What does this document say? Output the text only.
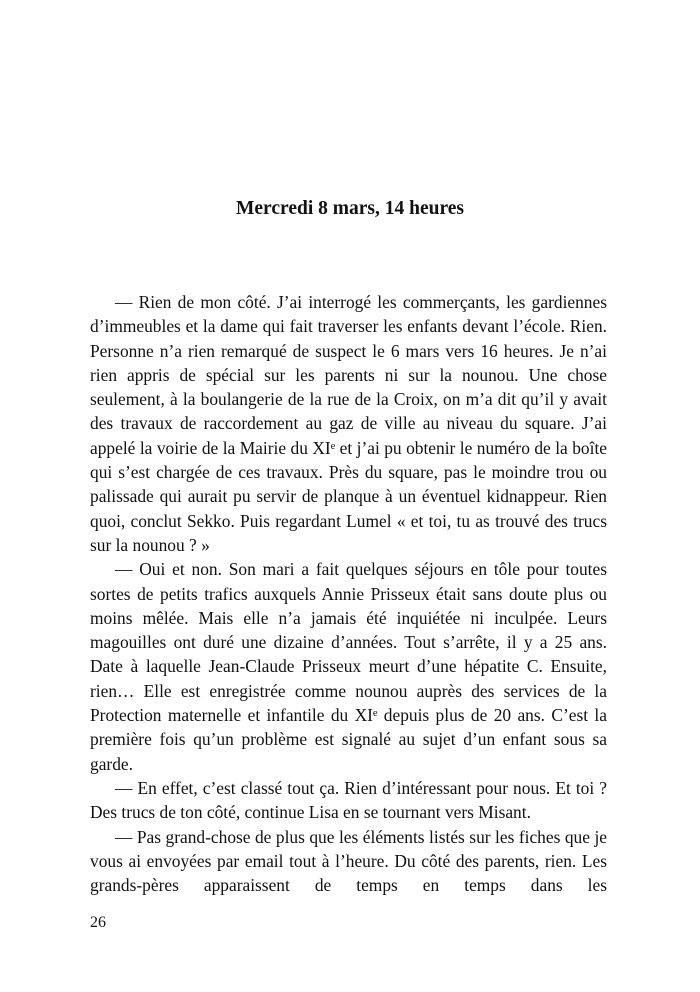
Mercredi 8 mars, 14 heures

— Rien de mon côté. J’ai interrogé les commerçants, les gardiennes d’immeubles et la dame qui fait traverser les enfants devant l’école. Rien. Personne n’a rien remarqué de suspect le 6 mars vers 16 heures. Je n’ai rien appris de spécial sur les parents ni sur la nounou. Une chose seulement, à la boulangerie de la rue de la Croix, on m’a dit qu’il y avait des travaux de raccordement au gaz de ville au niveau du square. J’ai appelé la voirie de la Mairie du XIᵉ et j’ai pu obtenir le numéro de la boîte qui s’est chargée de ces travaux. Près du square, pas le moindre trou ou palissade qui aurait pu servir de planque à un éventuel kidnappeur. Rien quoi, conclut Sekko. Puis regardant Lumel « et toi, tu as trouvé des trucs sur la nounou ? »

— Oui et non. Son mari a fait quelques séjours en tôle pour toutes sortes de petits trafics auxquels Annie Prisseux était sans doute plus ou moins mêlée. Mais elle n’a jamais été inquiétée ni inculpée. Leurs magouilles ont duré une dizaine d’années. Tout s’arrête, il y a 25 ans. Date à laquelle Jean-Claude Prisseux meurt d’une hépatite C. Ensuite, rien… Elle est enregistrée comme nounou auprès des services de la Protection maternelle et infantile du XIᵉ depuis plus de 20 ans. C’est la première fois qu’un problème est signalé au sujet d’un enfant sous sa garde.

— En effet, c’est classé tout ça. Rien d’intéressant pour nous. Et toi ? Des trucs de ton côté, continue Lisa en se tournant vers Misant.

— Pas grand-chose de plus que les éléments listés sur les fiches que je vous ai envoyées par email tout à l’heure. Du côté des parents, rien. Les grands-pères apparaissent de temps en temps dans les

26
